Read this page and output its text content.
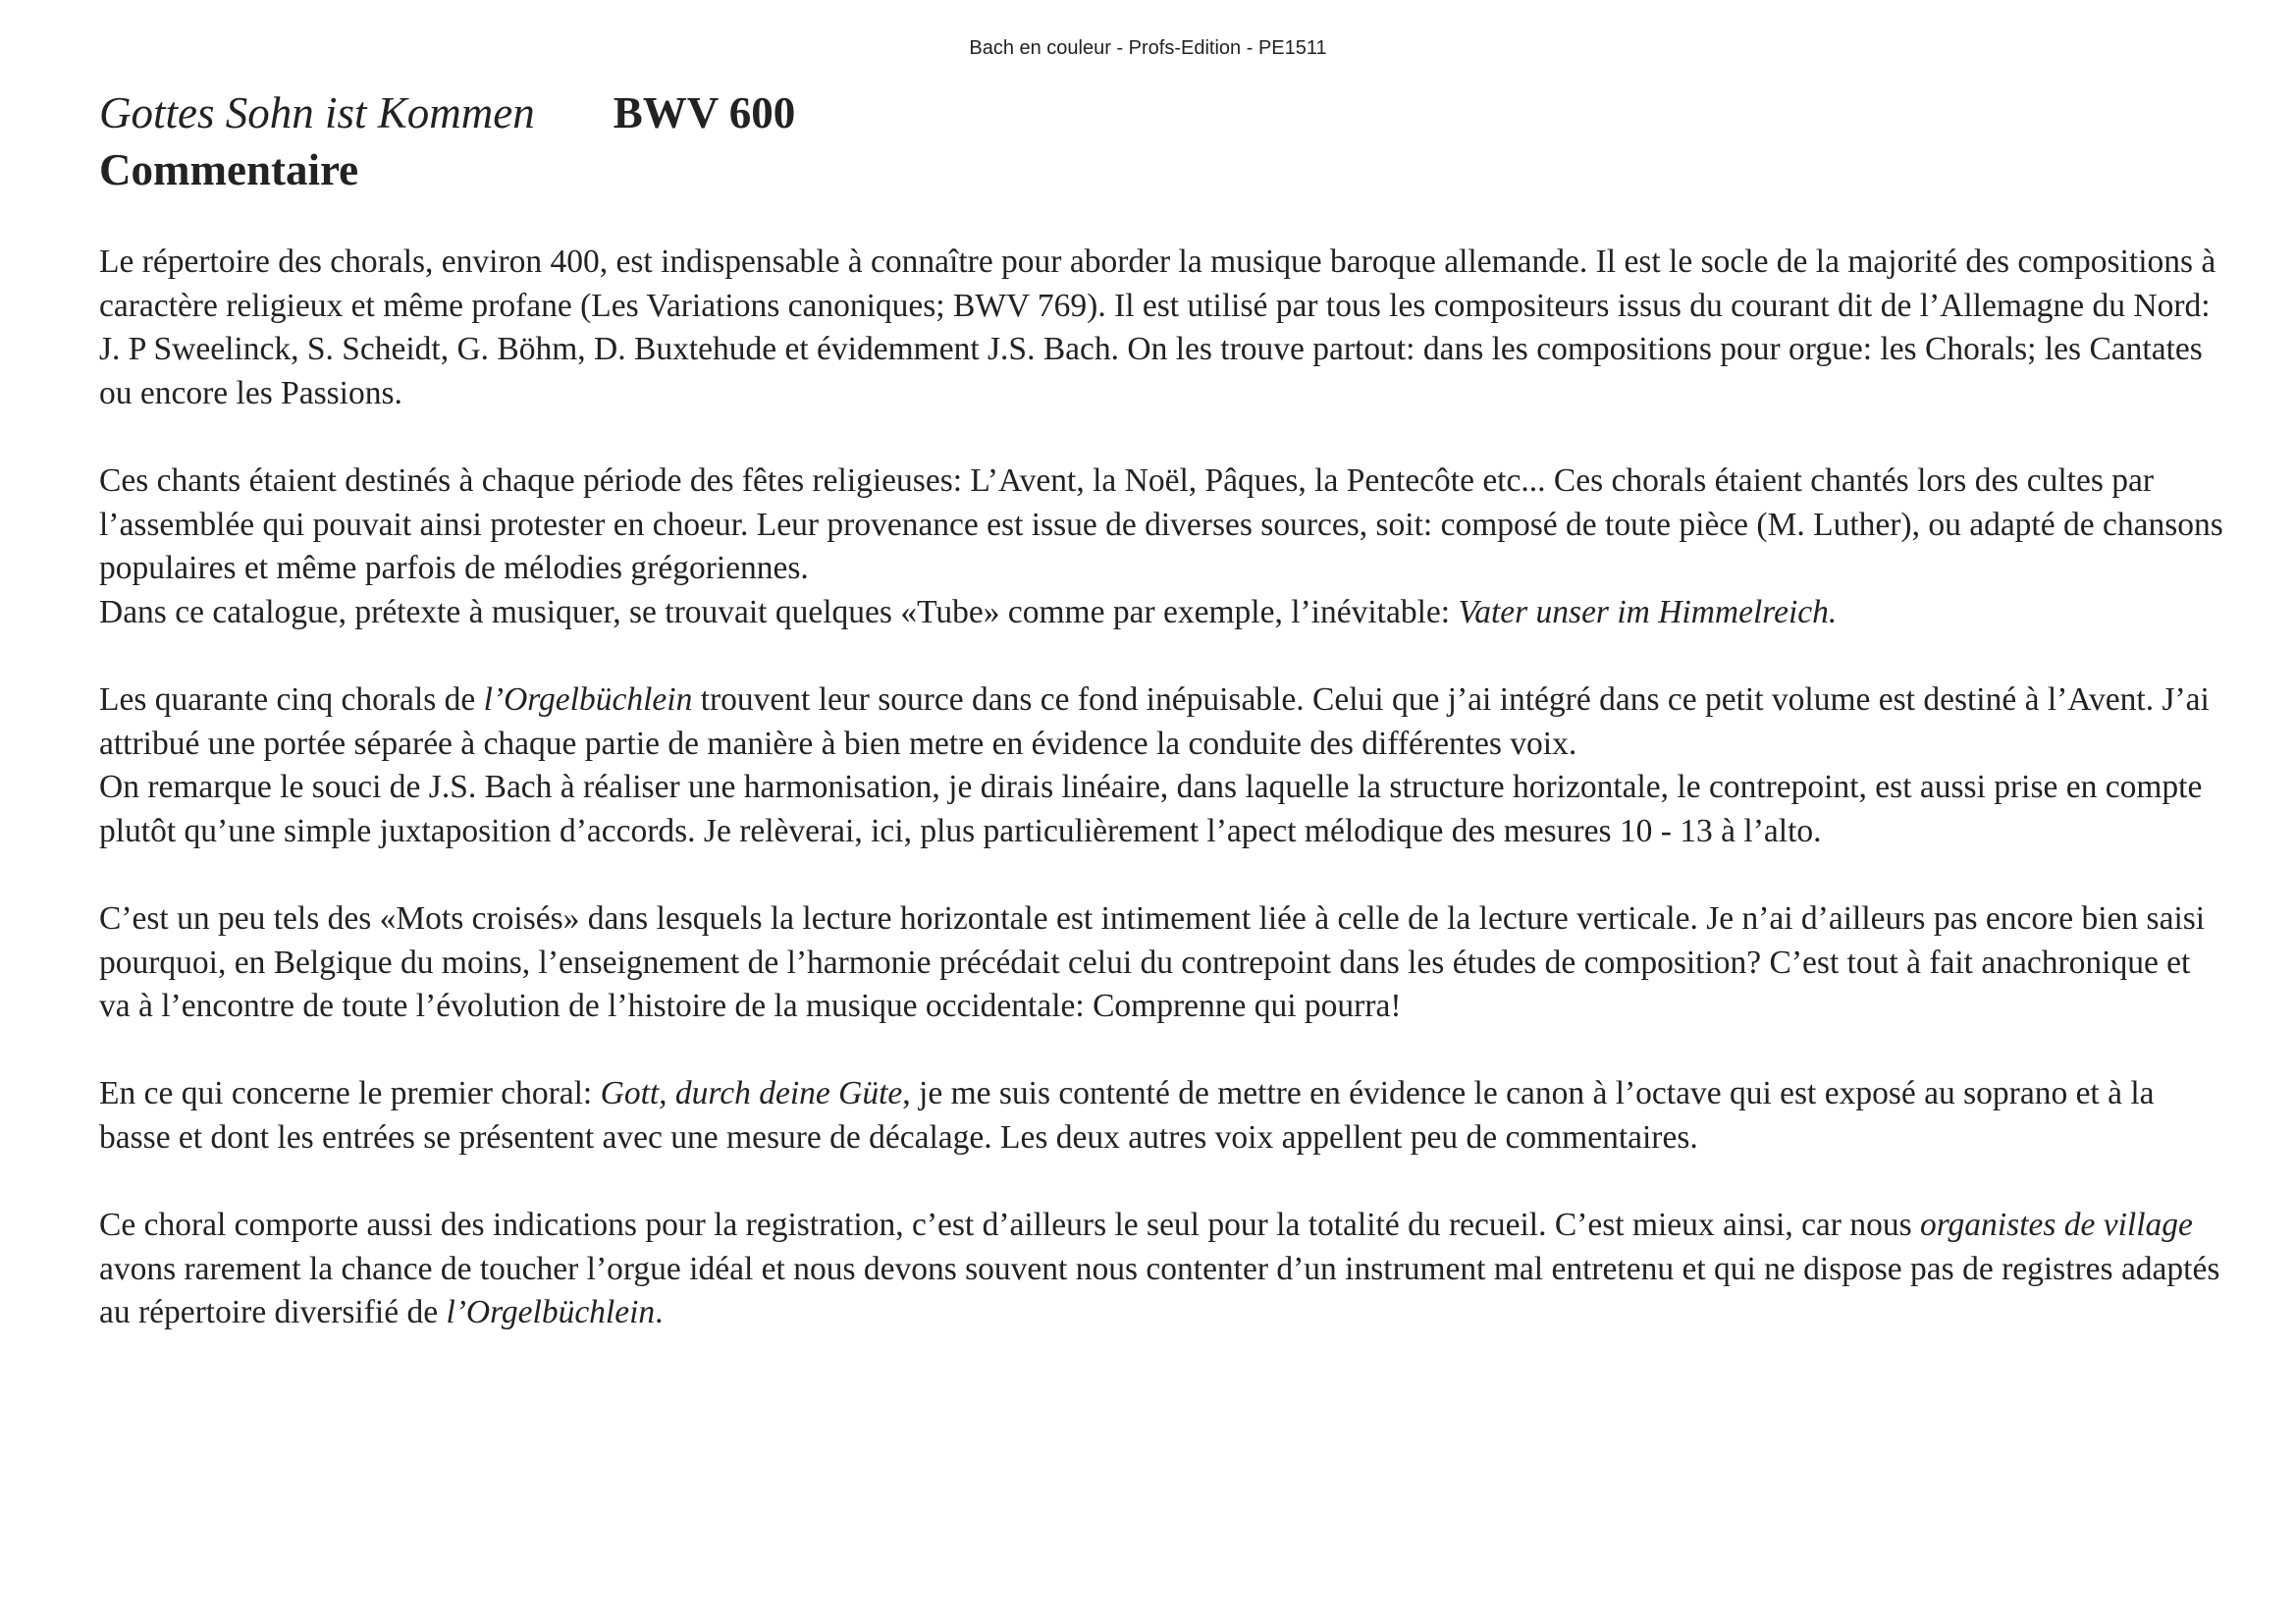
Bach en couleur - Profs-Edition - PE1511
Gottes Sohn ist Kommen BWV 600
Commentaire

Le répertoire des chorals, environ 400, est indispensable à connaître pour aborder la musique baroque allemande. Il est le socle de la majorité des compositions à caractère religieux et même profane (Les Variations canoniques; BWV 769). Il est utilisé par tous les compositeurs issus du courant dit de l’Allemagne du Nord: J. P Sweelinck, S. Scheidt, G. Böhm, D. Buxtehude et évidemment J.S. Bach. On les trouve partout: dans les compositions pour orgue: les Chorals; les Cantates ou encore les Passions.

Ces chants étaient destinés à chaque période des fêtes religieuses: L’Avent, la Noël, Pâques, la Pentecôte etc... Ces chorals étaient chantés lors des cultes par l’assemblée qui pouvait ainsi protester en choeur. Leur provenance est issue de diverses sources, soit: composé de toute pièce (M. Luther), ou adapté de chansons populaires et même parfois de mélodies grégoriennes.

Dans ce catalogue, prétexte à musiquer, se trouvait quelques «Tube» comme par exemple, l’inévitable: Vater unser im Himmelreich.

Les quarante cinq chorals de l’Orgelbüchlein trouvent leur source dans ce fond inépuisable. Celui que j’ai intégré dans ce petit volume est destiné à l’Avent. J’ai attribué une portée séparée à chaque partie de manière à bien metre en évidence la conduite des différentes voix.

On remarque le souci de J.S. Bach à réaliser une harmonisation, je dirais linéaire, dans laquelle la structure horizontale, le contrepoint, est aussi prise en compte plutôt qu’une simple juxtaposition d’accords. Je relèverai, ici, plus particulièrement l’apect mélodique des mesures 10 - 13 à l’alto.

C’est un peu tels des «Mots croisés» dans lesquels la lecture horizontale est intimement liée à celle de la lecture verticale. Je n’ai d’ailleurs pas encore bien saisi pourquoi, en Belgique du moins, l’enseignement de l’harmonie précédait celui du contrepoint dans les études de composition? C’est tout à fait anachronique et va à l’encontre de toute l’évolution de l’histoire de la musique occidentale: Comprenne qui pourra!

En ce qui concerne le premier choral: Gott, durch deine Güte, je me suis contenté de mettre en évidence le canon à l’octave qui est exposé au soprano et à la basse et dont les entrées se présentent avec une mesure de décalage. Les deux autres voix appellent peu de commentaires.

Ce choral comporte aussi des indications pour la registration, c’est d’ailleurs le seul pour la totalité du recueil. C’est mieux ainsi, car nous organistes de village avons rarement la chance de toucher l’orgue idéal et nous devons souvent nous contenter d’un instrument mal entretenu et qui ne dispose pas de registres adaptés au répertoire diversifié de l’Orgelbüchlein.
